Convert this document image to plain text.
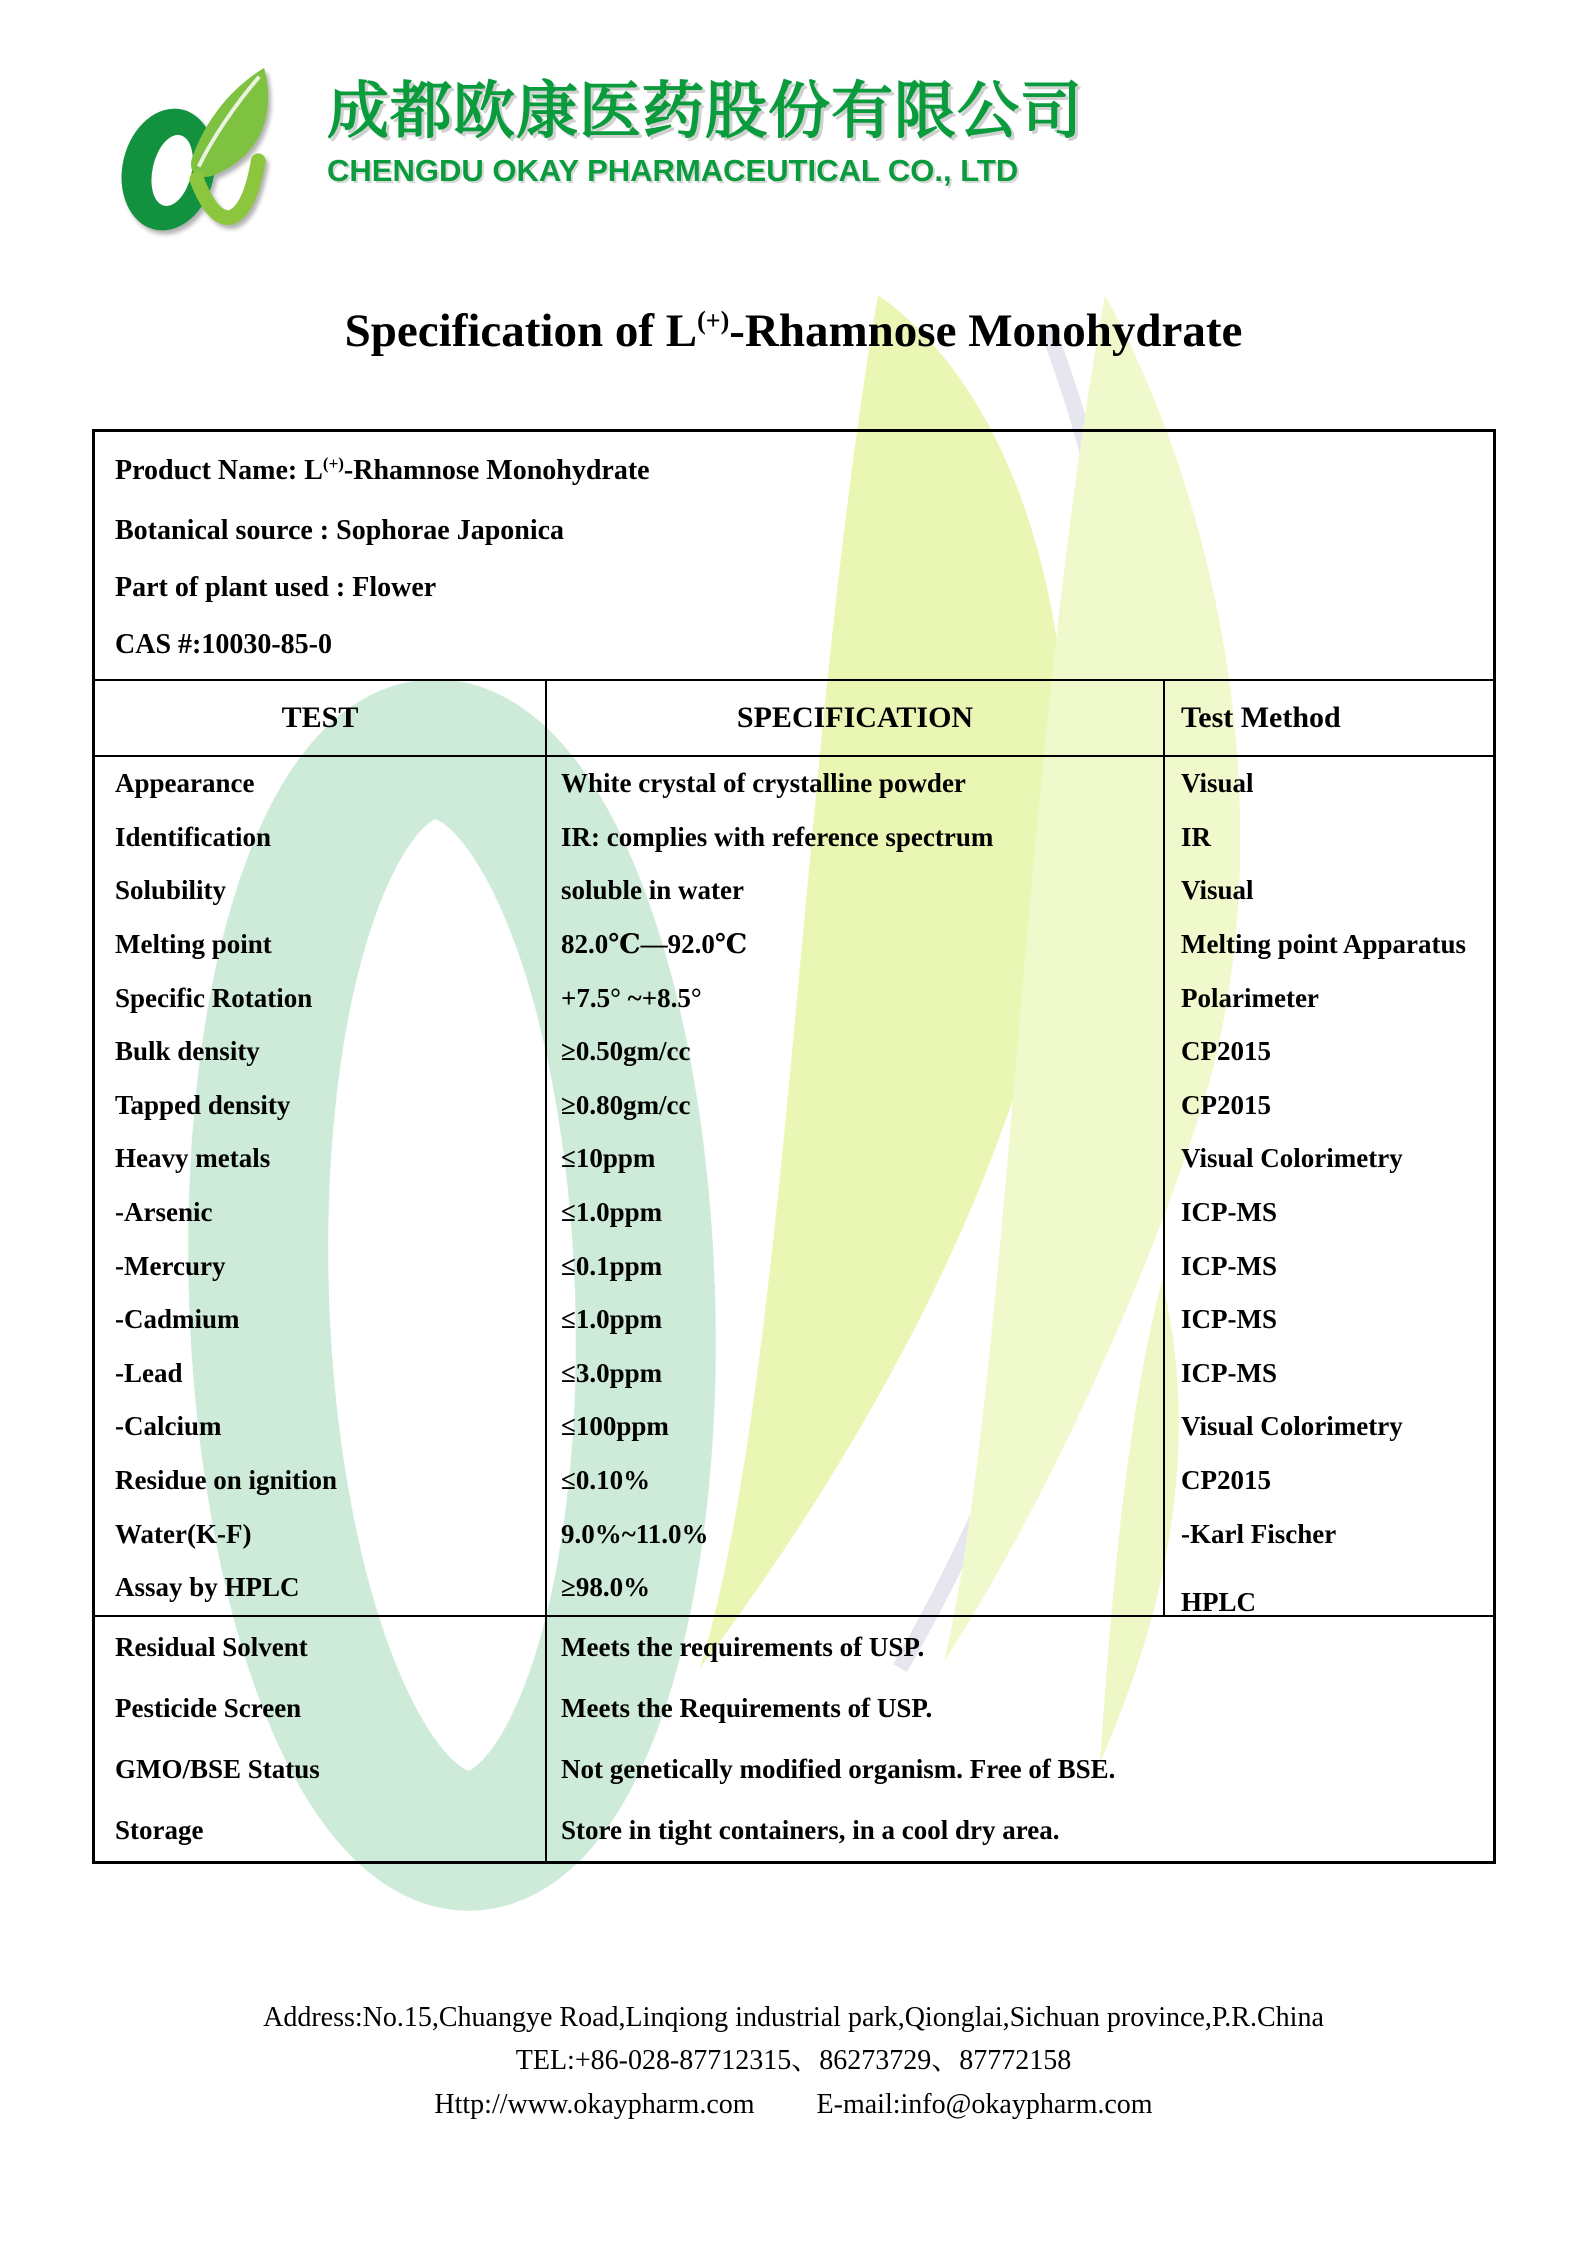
成都欧康医药股份有限公司
CHENGDU OKAY PHARMACEUTICAL CO., LTD
Specification of L(+)-Rhamnose Monohydrate
Product Name: L(+)-Rhamnose Monohydrate
Botanical source : Sophorae Japonica
Part of plant used : Flower
CAS #:10030-85-0
TEST	SPECIFICATION	Test Method
Appearance	White crystal of crystalline powder	Visual
Identification	IR: complies with reference spectrum	IR
Solubility	soluble in water	Visual
Melting point	82.0℃—92.0℃	Melting point Apparatus
Specific Rotation	+7.5° ~+8.5°	Polarimeter
Bulk density	≥0.50gm/cc	CP2015
Tapped density	≥0.80gm/cc	CP2015
Heavy metals	≤10ppm	Visual Colorimetry
-Arsenic	≤1.0ppm	ICP-MS
-Mercury	≤0.1ppm	ICP-MS
-Cadmium	≤1.0ppm	ICP-MS
-Lead	≤3.0ppm	ICP-MS
-Calcium	≤100ppm	Visual Colorimetry
Residue on ignition	≤0.10%	CP2015
Water(K-F)	9.0%~11.0%	-Karl Fischer
Assay by HPLC	≥98.0%	HPLC
Residual Solvent	Meets the requirements of USP.
Pesticide Screen	Meets the Requirements of USP.
GMO/BSE Status	Not genetically modified organism. Free of BSE.
Storage	Store in tight containers, in a cool dry area.
Address:No.15,Chuangye Road,Linqiong industrial park,Qionglai,Sichuan province,P.R.China
TEL:+86-028-87712315、86273729、87772158
Http://www.okaypharm.com E-mail:info@okaypharm.com
